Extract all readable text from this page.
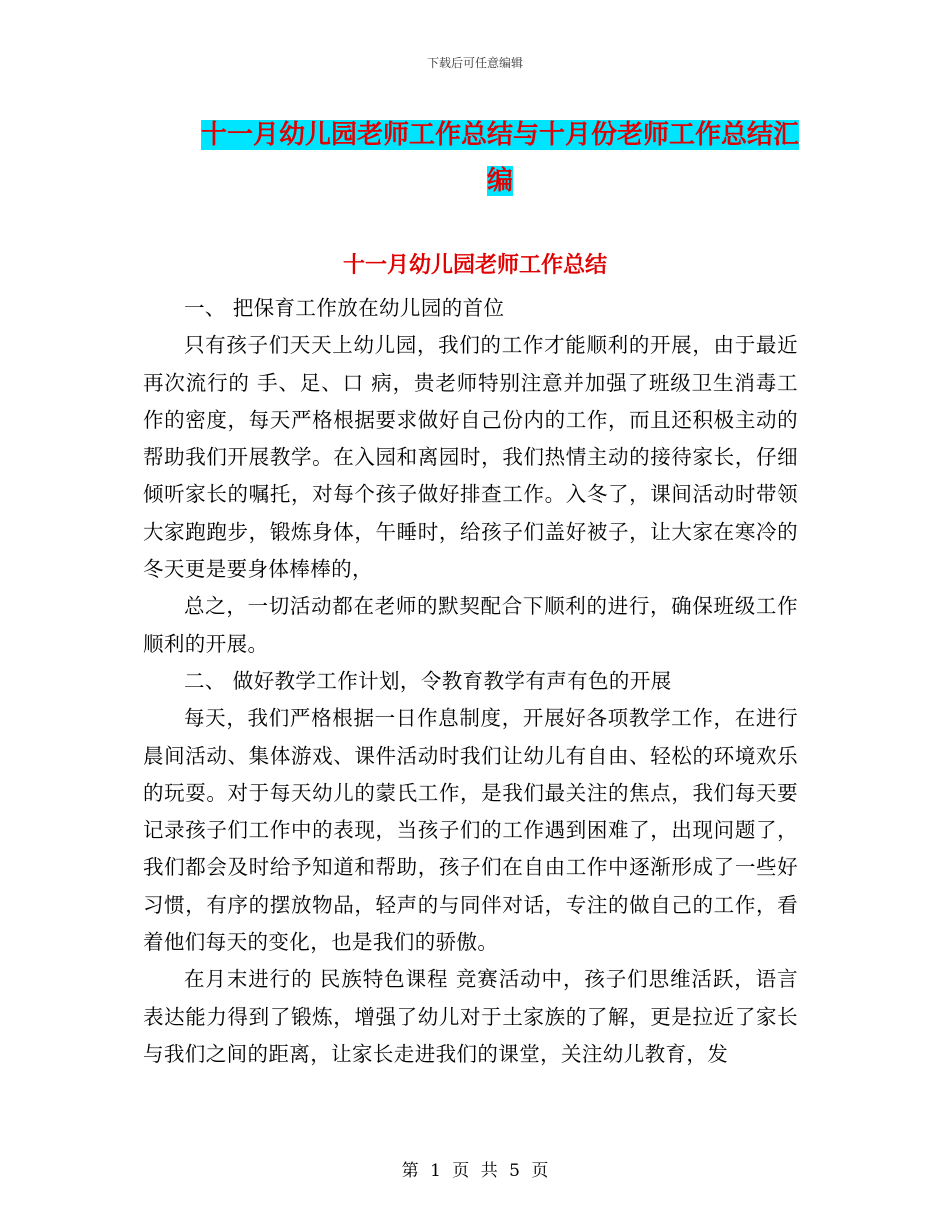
下载后可任意编辑
十一月幼儿园老师工作总结与十月份老师工作总结汇编
十一月幼儿园老师工作总结

一、 把保育工作放在幼儿园的首位

只有孩子们天天上幼儿园，我们的工作才能顺利的开展，由于最近再次流行的 手、足、口 病，贵老师特别注意并加强了班级卫生消毒工作的密度，每天严格根据要求做好自己份内的工作，而且还积极主动的帮助我们开展教学。在入园和离园时，我们热情主动的接待家长，仔细倾听家长的嘱托，对每个孩子做好排查工作。入冬了，课间活动时带领大家跑跑步，锻炼身体，午睡时，给孩子们盖好被子，让大家在寒冷的冬天更是要身体棒棒的，

总之，一切活动都在老师的默契配合下顺利的进行，确保班级工作顺利的开展。

二、 做好教学工作计划，令教育教学有声有色的开展

每天，我们严格根据一日作息制度，开展好各项教学工作，在进行晨间活动、集体游戏、课件活动时我们让幼儿有自由、轻松的环境欢乐的玩耍。对于每天幼儿的蒙氏工作，是我们最关注的焦点，我们每天要记录孩子们工作中的表现，当孩子们的工作遇到困难了，出现问题了，我们都会及时给予知道和帮助，孩子们在自由工作中逐渐形成了一些好习惯，有序的摆放物品，轻声的与同伴对话，专注的做自己的工作，看着他们每天的变化，也是我们的骄傲。

在月末进行的 民族特色课程 竞赛活动中，孩子们思维活跃，语言表达能力得到了锻炼，增强了幼儿对于土家族的了解，更是拉近了家长与我们之间的距离，让家长走进我们的课堂，关注幼儿教育，发

第 1 页 共 5 页
